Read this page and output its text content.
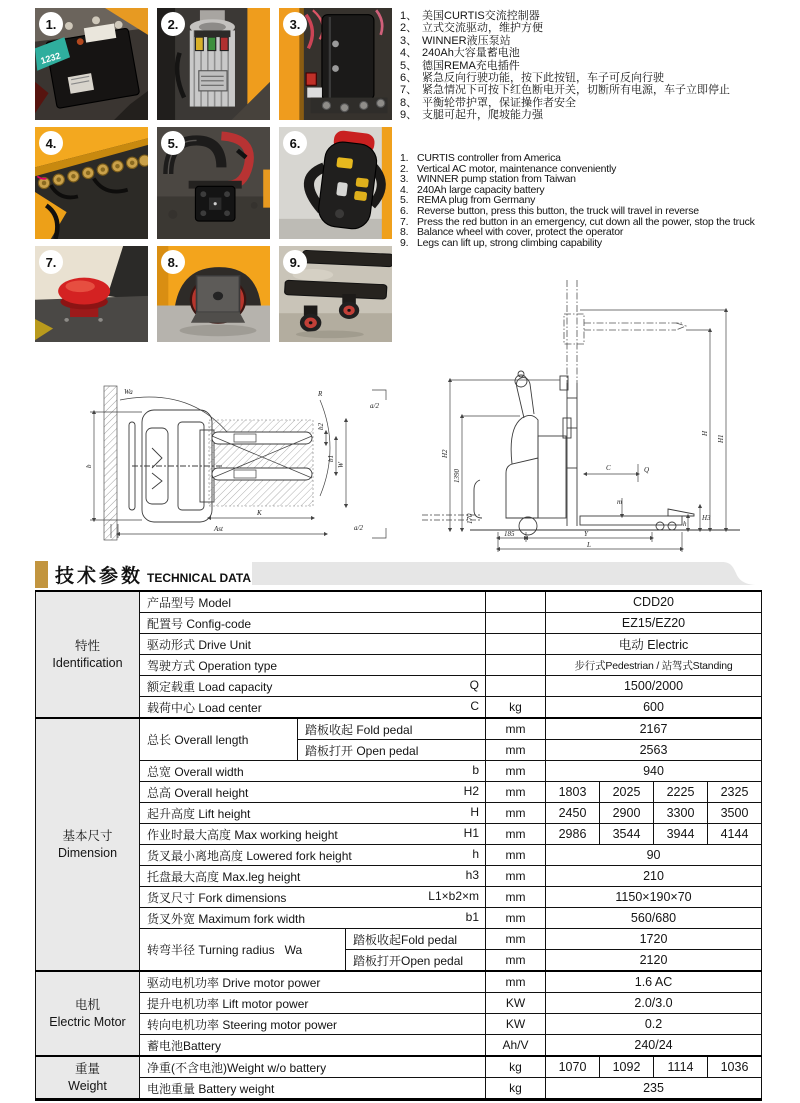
1232
1.	2.	3.
4.	5.	6.
7.	8.	9.
1、 美国CURTIS交流控制器
2、 立式交流驱动，维护方便
3、 WINNER液压泵站
4、 240Ah大容量蓄电池
5、 德国REMA充电插件
6、 紧急反向行驶功能，按下此按钮，车子可反向行驶
7、 紧急情况下可按下红色断电开关，切断所有电源，车子立即停止
8、 平衡轮带护罩，保证操作者安全
9、 支腿可起升，爬坡能力强
1. CURTIS controller from America
2. Vertical AC motor, maintenance conveniently
3. WINNER pump station from Taiwan
4. 240Ah large capacity battery
5. REMA plug from Germany
6. Reverse button, press this button, the truck will travel in reverse
7. Press the red button in an emergency, cut down all the power, stop the truck
8. Balance wheel with cover, protect the operator
9. Legs can lift up, strong climbing capability
b
Wa	R
b2
b1
W
a/2
a/2
K
Ast
H2
1390
170
H
H1
C	Q
m
h
H3
185	Y
L
技术参数 TECHNICAL DATA
特性
Identification	产品型号 Model				CDD20			
	配置号 Config-code				EZ15/EZ20			
	驱动形式 Drive Unit				电动 Electric			
	驾驶方式 Operation type				步行式Pedestrian / 站驾式Standing			
	额定载重 Load capacity Q				1500/2000			
	载荷中心 Load center C			kg	600			

基本尺寸
Dimension	总长 Overall length	踏板收起 Fold pedal		mm	2167			
		踏板打开 Open pedal		mm	2563			
	总宽 Overall width b			mm	940			
	总高 Overall height H2			mm	1803	2025	2225	2325
	起升高度 Lift height H			mm	2450	2900	3300	3500
	作业时最大高度 Max working height H1			mm	2986	3544	3944	4144
	货叉最小离地高度 Lowered fork height h			mm	90			
	托盘最大高度 Max.leg height h3			mm	210			
	货叉尺寸 Fork dimensions L1×b2×m			mm	1150×190×70			
	货叉外宽 Maximum fork width b1			mm	560/680			
	转弯半径 Turning radius Wa		踏板收起Fold pedal	mm	1720			
			踏板打开Open pedal	mm	2120			

电机
Electric Motor	驱动电机功率 Drive motor power			mm	1.6 AC			
	提升电机功率 Lift motor power			KW	2.0/3.0			
	转向电机功率 Steering motor power			KW	0.2			
	蓄电池Battery			Ah/V	240/24			

重量
Weight	净重(不含电池)Weight w/o battery			kg	1070	1092	1114	1036
	电池重量 Battery weight			kg	235			
